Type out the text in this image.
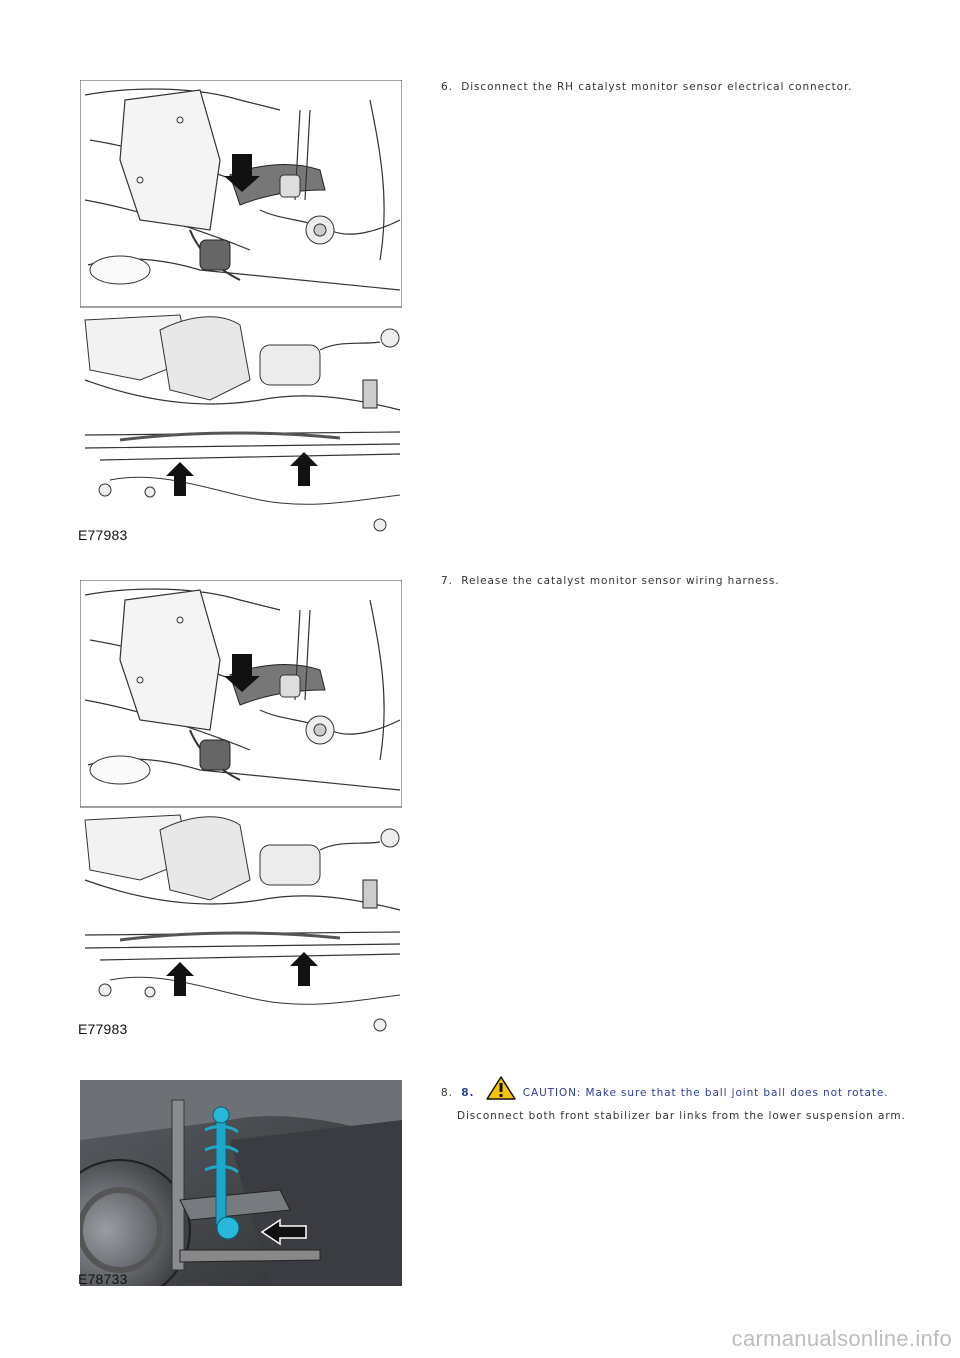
E77983
E77983
E78733
6. Disconnect the RH catalyst monitor sensor electrical connector.
7. Release the catalyst monitor sensor wiring harness.
8. 8.	CAUTION: Make sure that the ball joint ball does not rotate.
Disconnect both front stabilizer bar links from the lower suspension arm.
carmanualsonline.info
